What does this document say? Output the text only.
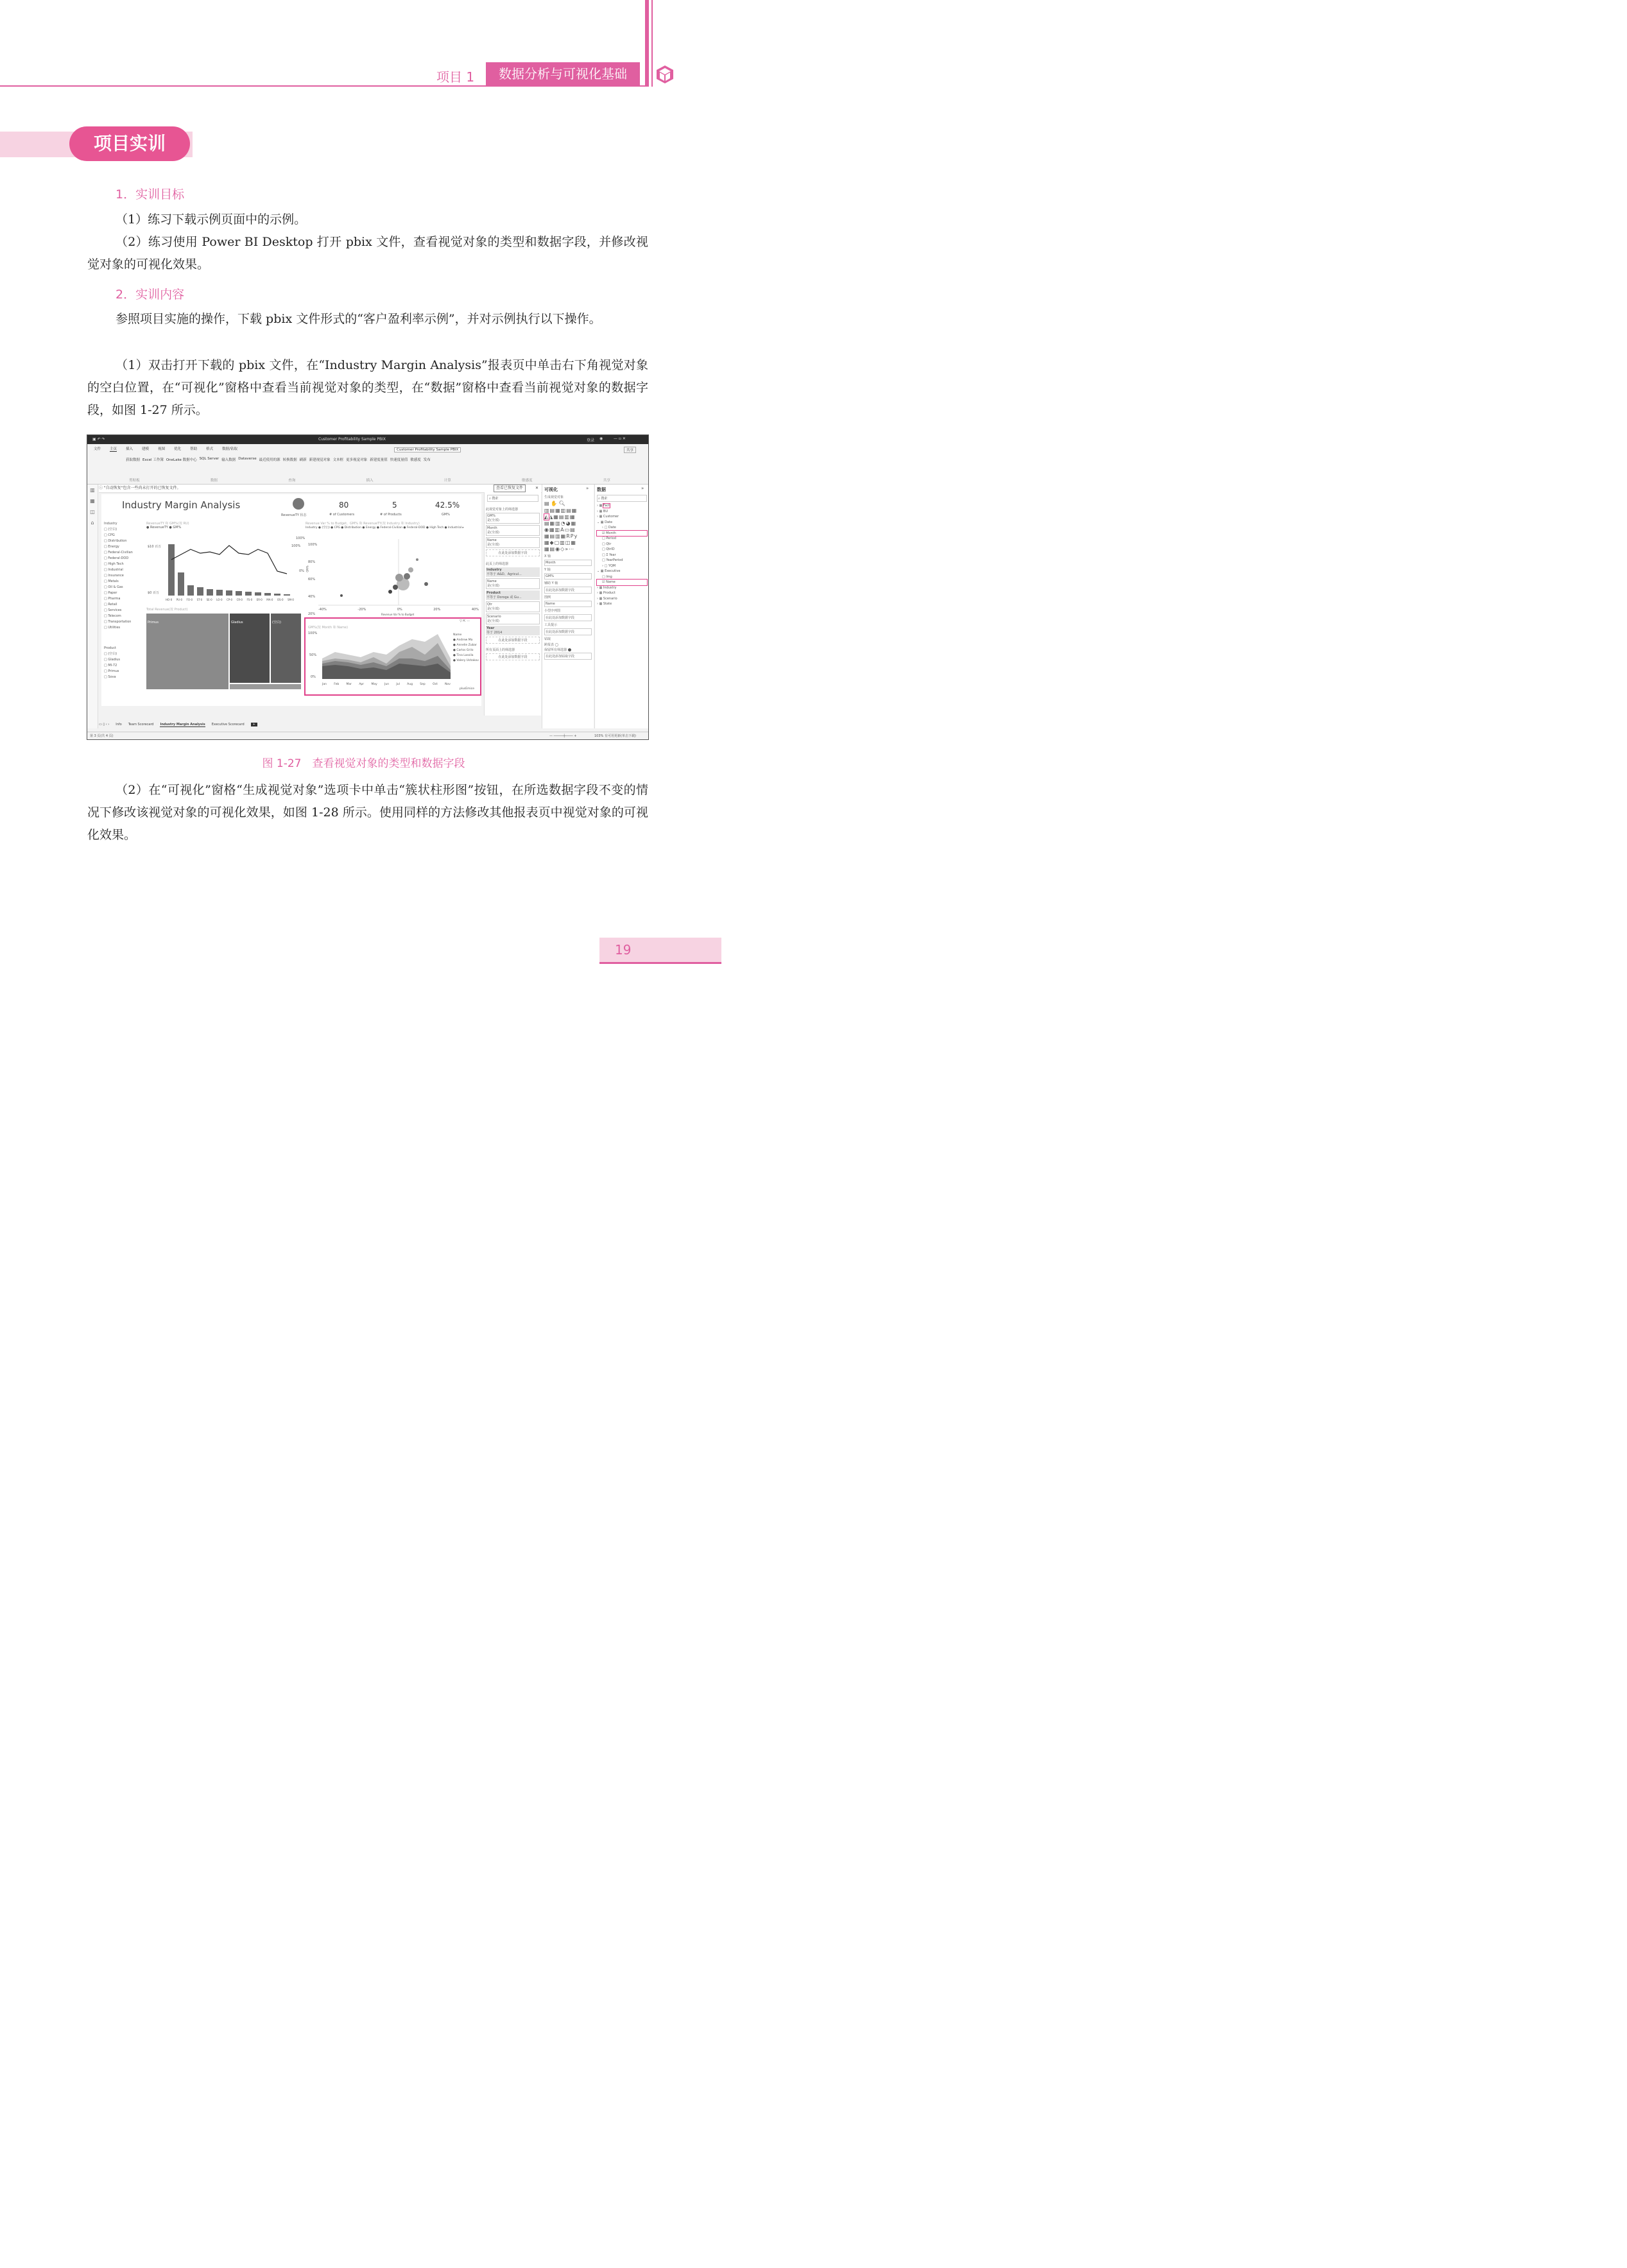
项目 1	数据分析与可视化基础
项目实训
1．实训目标
（1）练习下载示例页面中的示例。
（2）练习使用 Power BI Desktop 打开 pbix 文件，查看视觉对象的类型和数据字段，并修改视觉对象的可视化效果。
2．实训内容
参照项目实施的操作，下载 pbix 文件形式的“客户盈利率示例”，并对示例执行以下操作。
（1）双击打开下载的 pbix 文件，在“Industry Margin Analysis”报表页中单击右下角视觉对象的空白位置，在“可视化”窗格中查看当前视觉对象的类型，在“数据”窗格中查看当前视觉对象的数据字段，如图 1-27 所示。
▣ ↶ ↷	Customer Profitability Sample PBIX	登录 ◉	— ▫ ✕
文件	主页	插入	建模	视图	优化	帮助	格式	数据/钻取	Customer Profitability Sample PBIX	共享
获取数据 Excel 工作簿 OneLake 数据中心 SQL Server 输入数据 Dataverse 最近使用的源 转换数据 刷新 新建视觉对象 文本框 更多视觉对象 新建度量值 快速度量值 敏感度 发布
剪贴板	数据	查询	插入	计算	敏感度	共享
▥
▦
◫
⌂
ⓘ "自动恢复"包含一些尚未打开的已恢复文件。	查看已恢复文件	✕
Industry Margin Analysis
RevenueTY 状态
80
# of Customers
5
# of Products
42.5%
GM%
Industry
□ (空白)
□ CPG
□ Distribution
□ Energy
□ Federal-Civilian
□ Federal-DOD
□ High Tech
□ Industrial
□ Insurance
□ Metals
□ Oil & Gas
□ Paper
□ Pharma
□ Retail
□ Services
□ Telecom
□ Transportation
□ Utilities
Product
□ (空白)
□ Gladius
□ MI-72
□ Primus
□ Sova
RevenueTY 和 GM%(按 RU)
● RevenueTY ● GM%
$10 百万
$0 百万
HO-0 PU-0 FO-0 ST-0 SE-0 LO-0 CP-0 CR-0 FS-0 ER-0 MA-0 OS-0 SM-0
100%
Revenue Var % to Budget、GM% 和 RevenueTY(按 Industry 和 Industry)
Industry ● (空白) ● CPG ● Distribution ● Energy ● Federal-Civilian ● Federal-DOD ● High Tech ● Industrial ▸
100%
0%
100%
80%
60%
40%
20%
-40%	-20%	0%	20%	40%
Revenue Var % to Budget
GM%
Total Revenue(按 Product)
Primus	Gladius	(空白)
Sova
▽ ⇱ ⋯
GM%(按 Month 和 Name)
100%
50%
0%
Jan	Feb	Mar	Apr	May	Jun	Jul	Aug	Sep	Oct	Nov
Name
● Andrew Ma
● Annelie Zubar
● Carlos Grilo
● Tina Lassila
● Valery Ushakov
plusEmice
▭ ▯ ‹ › Info Team Scorecard Industry Margin Analysis Executive Scorecard	+
⌕ 搜索
此视觉对象上的筛选器
GM%
是(全部)
Month
是(全部)
Name
是(全部)
在此处添加数据字段
此页上的筛选器
Industry
不等于 A&D、Agricul...
Name
是(全部)
Product
不等于 Doroga 或 Gu...
Qtr
是(全部)
Scenario
是(全部)
Year
等于 2014
在此处添加数据字段
所有页面上的筛选器
在此处添加数据字段
可视化	»
生成视觉对象
▤ ✋ 🔍︎
▥▤▦▥▤▦
◭◮▦▤▥▦
▤▦▥◔◕▦
◉▦▥A▭▤
▦▤▥▦RPy
▦◆▢▥◫▦
▦▤◉◇»⋯
X 轴
Month
Y 轴
GM%
辅助 Y 轴
在此处添加数据字段
图例
Name
小型序列图
在此处添加数据字段
工具提示
在此处添加数据字段
钻取
跨报表 ◯
保留所有筛选器 ⬤
在此处添加钻取字段
数据	»
⌕ 搜索
› ▦ Fact
› ▦ BU
› ▦ Customer
⌄ ▦ Date
› □ Date
☑ Month
□ Period
□ Qtr
□ QtrID
□ Σ Year
□ YearPeriod
› □ YQM
⌄ ▦ Executive
□ Img
☑ Name
› ▦ Industry
› ▦ Product
› ▦ Scenario
› ▦ State
第 3 页(共 4 页)	— ─────┼──── +	103% 有可用更新(单击下载)
图 1-27　查看视觉对象的类型和数据字段
（2）在“可视化”窗格“生成视觉对象”选项卡中单击“簇状柱形图”按钮，在所选数据字段不变的情况下修改该视觉对象的可视化效果，如图 1-28 所示。使用同样的方法修改其他报表页中视觉对象的可视化效果。
19
